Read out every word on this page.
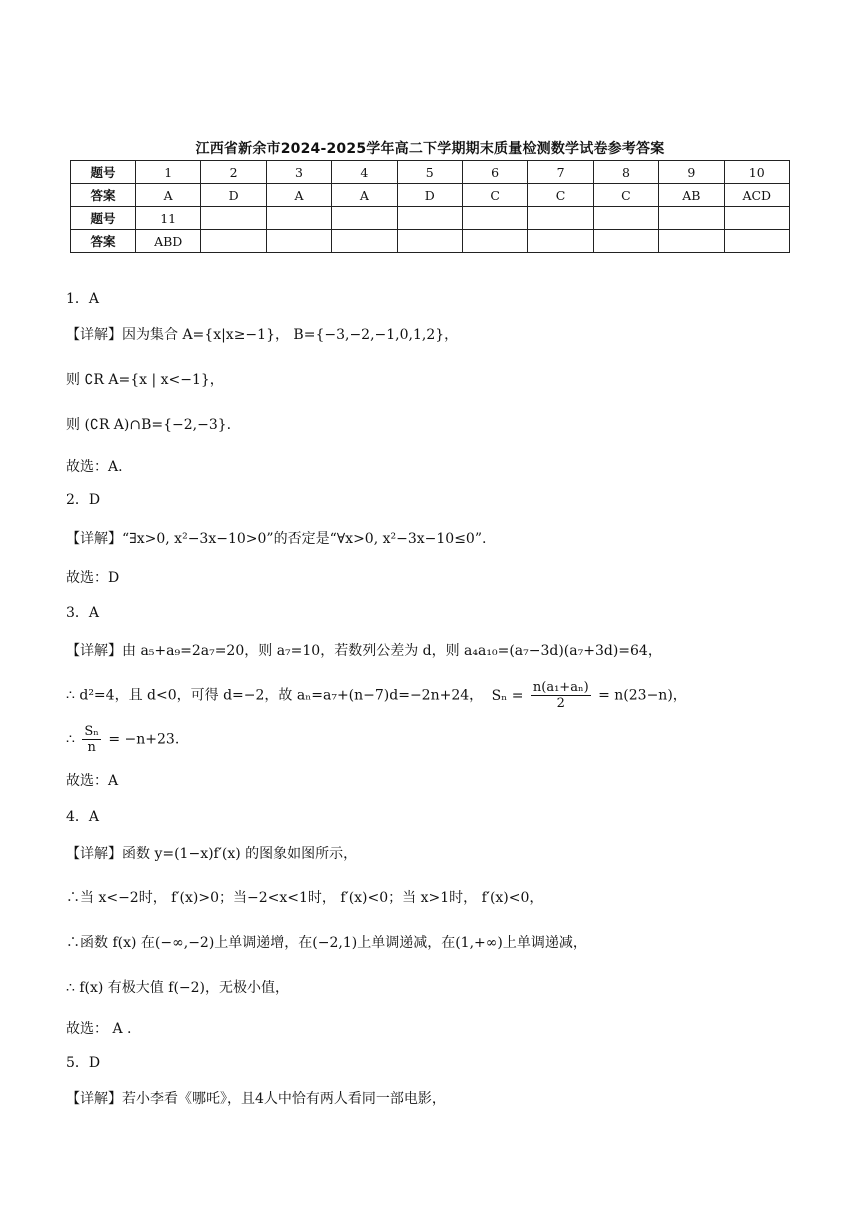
江西省新余市2024-2025学年高二下学期期末质量检测数学试卷参考答案
题号	1	2	3	4	5	6	7	8	9	10
答案	A	D	A	A	D	C	C	C	AB	ACD
题号	11									
答案	ABD									
1．A
【详解】因为集合 A={x|x≥−1}， B={−3,−2,−1,0,1,2}，
则 ∁R A={x | x<−1}，
则 (∁R A)∩B={−2,−3}.
故选：A.
2．D
【详解】“∃x>0, x²−3x−10>0”的否定是“∀x>0, x²−3x−10≤0”.
故选：D
3．A
【详解】由 a₅+a₉=2a₇=20，则 a₇=10，若数列公差为 d，则 a₄a₁₀=(a₇−3d)(a₇+3d)=64，
∴ d²=4，且 d<0，可得 d=−2，故 aₙ=a₇+(n−7)d=−2n+24， $S_n = \frac{\text{n(a₁+aₙ)}}{2} = n(23-n)$，
∴ $\frac{\text{Sₙ}}{n} = -n+23$.
故选：A
4．A
【详解】函数 y=(1−x)f′(x) 的图象如图所示，
∴当 x<−2时， f′(x)>0；当−2<x<1时， f′(x)<0；当 x>1时， f′(x)<0，
∴函数 f(x) 在(−∞,−2)上单调递增，在(−2,1)上单调递减，在(1,+∞)上单调递减，
∴ f(x) 有极大值 f(−2)，无极小值，
故选： A .
5．D
【详解】若小李看《哪吒》，且4人中恰有两人看同一部电影，
